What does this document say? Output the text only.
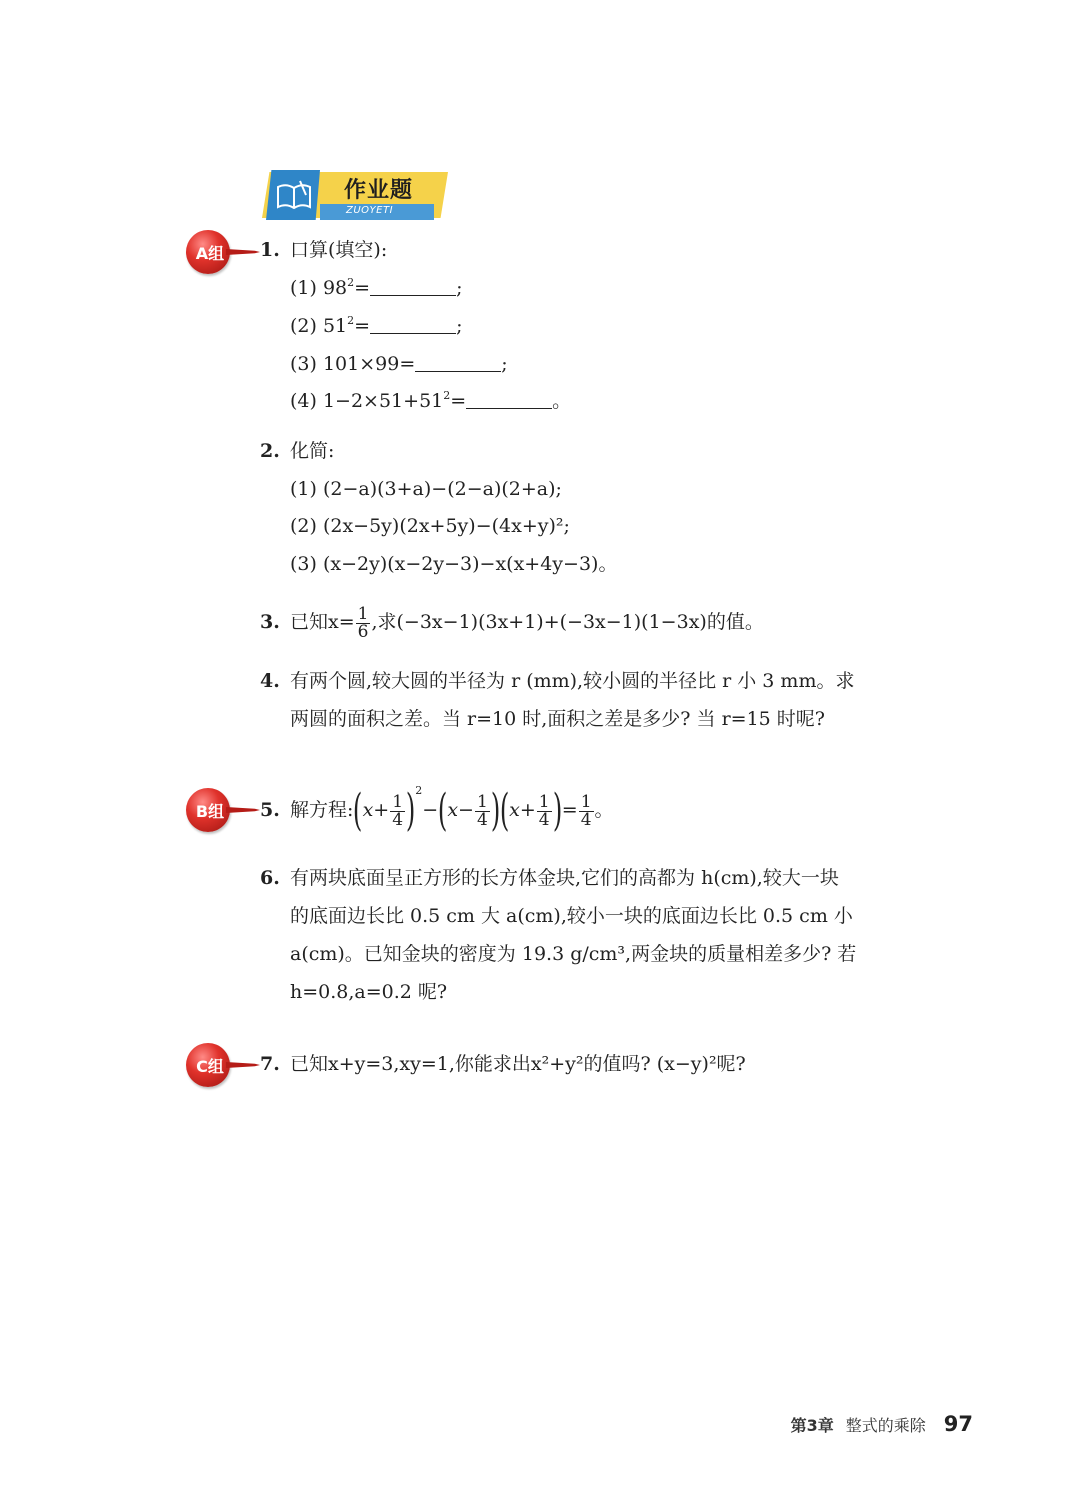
作业题
ZUOYETI
A组	1. 口算(填空):
(1) $98^2=$	;
(2) $51^2=$	;
(3) 101×99=	;
(4) $1-2\times 51+51^2=$	。
2. 化简:
(1) (2−a)(3+a)−(2−a)(2+a);
(2) (2x−5y)(2x+5y)−(4x+y)²;
(3) (x−2y)(x−2y−3)−x(x+4y−3)。
3. 已知$x= \frac{1}{6}$ ,求(−3x−1)(3x+1)+(−3x−1)(1−3x)的值。
4. 有两个圆,较大圆的半径为 r (mm),较小圆的半径比 r 小 3 mm。求
两圆的面积之差。当 r=10 时,面积之差是多少? 当 r=15 时呢?
B组	5. 解方程:(x+ $\frac{1}{4} )^2-(x- \frac{1}{4} )(x+ \frac{1}{4}$ )= $\frac{1}{4}$ 。
6. 有两块底面呈正方形的长方体金块,它们的高都为 h(cm),较大一块
的底面边长比 0.5 cm 大 a(cm),较小一块的底面边长比 0.5 cm 小
a(cm)。已知金块的密度为 19.3 g/cm³,两金块的质量相差多少? 若
h=0.8,a=0.2 呢?
C组	7. 已知x+y=3,xy=1,你能求出x²+y²的值吗? (x−y)²呢?
第3章 整式的乘除 97
